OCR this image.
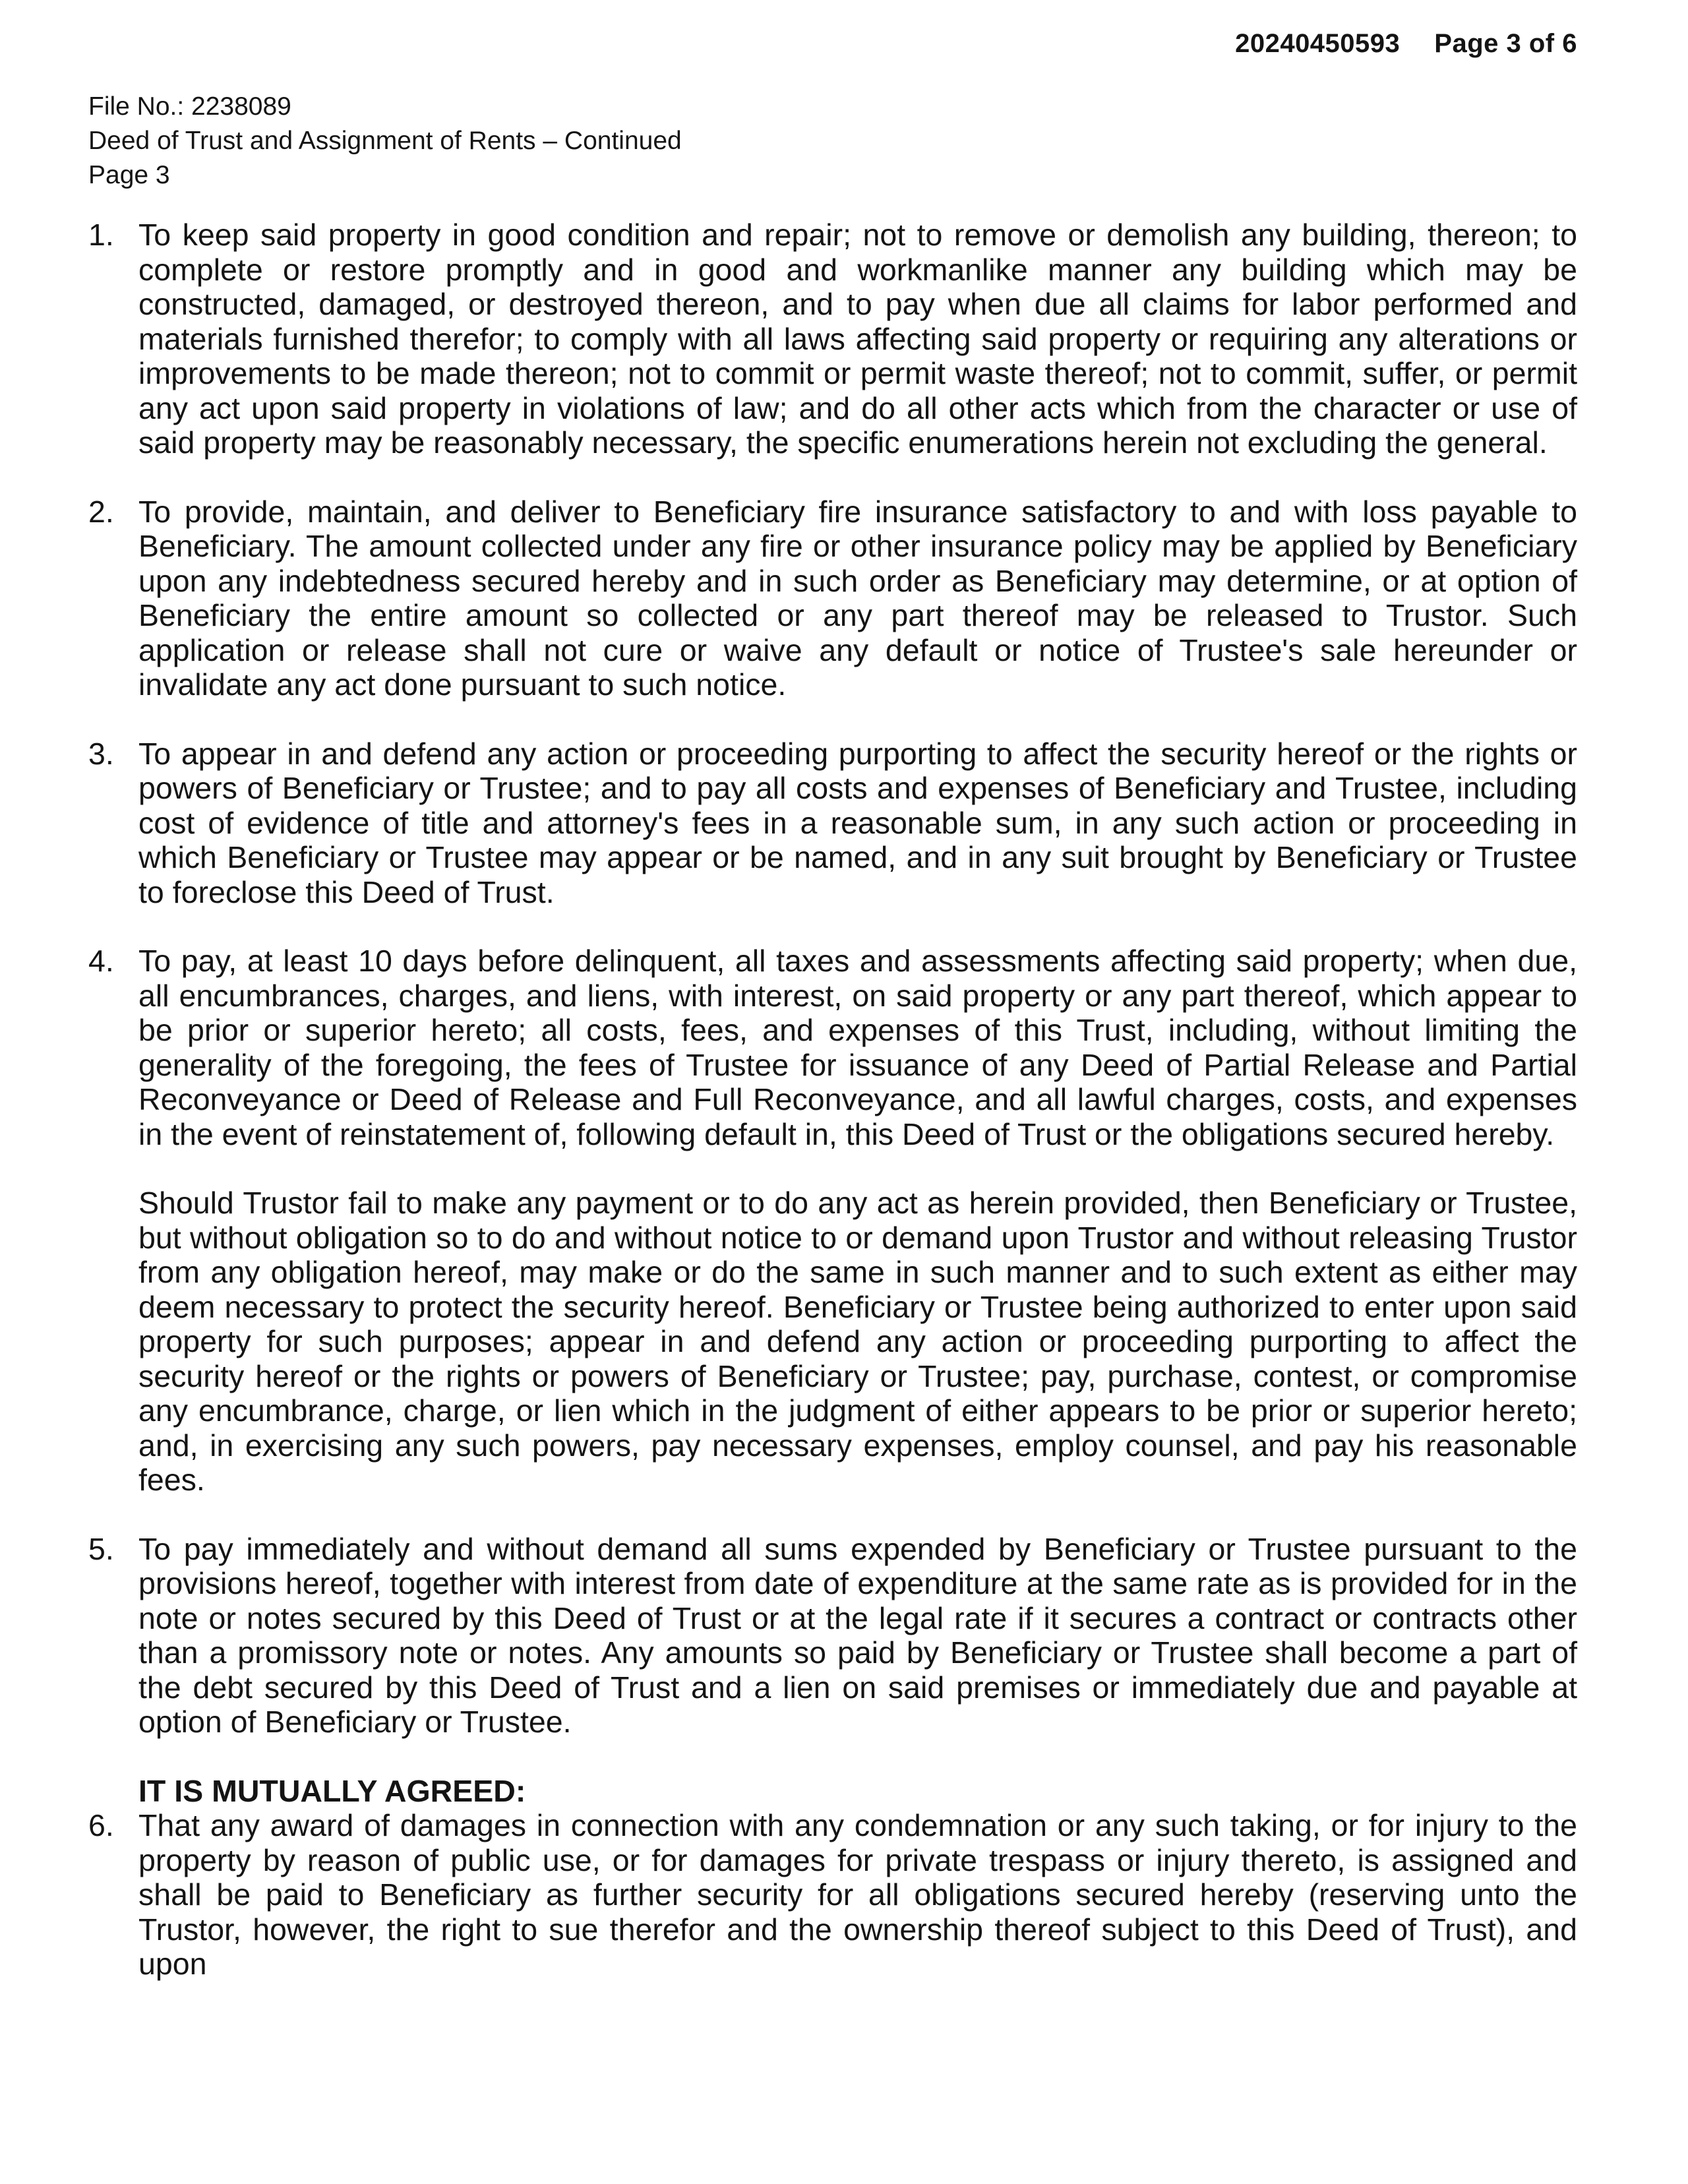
20240450593 Page 3 of 6
File No.: 2238089
Deed of Trust and Assignment of Rents – Continued
Page 3
1. To keep said property in good condition and repair; not to remove or demolish any building, thereon; to complete or restore promptly and in good and workmanlike manner any building which may be constructed, damaged, or destroyed thereon, and to pay when due all claims for labor performed and materials furnished therefor; to comply with all laws affecting said property or requiring any alterations or improvements to be made thereon; not to commit or permit waste thereof; not to commit, suffer, or permit any act upon said property in violations of law; and do all other acts which from the character or use of said property may be reasonably necessary, the specific enumerations herein not excluding the general.
2. To provide, maintain, and deliver to Beneficiary fire insurance satisfactory to and with loss payable to Beneficiary. The amount collected under any fire or other insurance policy may be applied by Beneficiary upon any indebtedness secured hereby and in such order as Beneficiary may determine, or at option of Beneficiary the entire amount so collected or any part thereof may be released to Trustor. Such application or release shall not cure or waive any default or notice of Trustee's sale hereunder or invalidate any act done pursuant to such notice.
3. To appear in and defend any action or proceeding purporting to affect the security hereof or the rights or powers of Beneficiary or Trustee; and to pay all costs and expenses of Beneficiary and Trustee, including cost of evidence of title and attorney's fees in a reasonable sum, in any such action or proceeding in which Beneficiary or Trustee may appear or be named, and in any suit brought by Beneficiary or Trustee to foreclose this Deed of Trust.
4. To pay, at least 10 days before delinquent, all taxes and assessments affecting said property; when due, all encumbrances, charges, and liens, with interest, on said property or any part thereof, which appear to be prior or superior hereto; all costs, fees, and expenses of this Trust, including, without limiting the generality of the foregoing, the fees of Trustee for issuance of any Deed of Partial Release and Partial Reconveyance or Deed of Release and Full Reconveyance, and all lawful charges, costs, and expenses in the event of reinstatement of, following default in, this Deed of Trust or the obligations secured hereby.
Should Trustor fail to make any payment or to do any act as herein provided, then Beneficiary or Trustee, but without obligation so to do and without notice to or demand upon Trustor and without releasing Trustor from any obligation hereof, may make or do the same in such manner and to such extent as either may deem necessary to protect the security hereof. Beneficiary or Trustee being authorized to enter upon said property for such purposes; appear in and defend any action or proceeding purporting to affect the security hereof or the rights or powers of Beneficiary or Trustee; pay, purchase, contest, or compromise any encumbrance, charge, or lien which in the judgment of either appears to be prior or superior hereto; and, in exercising any such powers, pay necessary expenses, employ counsel, and pay his reasonable fees.
5. To pay immediately and without demand all sums expended by Beneficiary or Trustee pursuant to the provisions hereof, together with interest from date of expenditure at the same rate as is provided for in the note or notes secured by this Deed of Trust or at the legal rate if it secures a contract or contracts other than a promissory note or notes. Any amounts so paid by Beneficiary or Trustee shall become a part of the debt secured by this Deed of Trust and a lien on said premises or immediately due and payable at option of Beneficiary or Trustee.
IT IS MUTUALLY AGREED:
6. That any award of damages in connection with any condemnation or any such taking, or for injury to the property by reason of public use, or for damages for private trespass or injury thereto, is assigned and shall be paid to Beneficiary as further security for all obligations secured hereby (reserving unto the Trustor, however, the right to sue therefor and the ownership thereof subject to this Deed of Trust), and upon
